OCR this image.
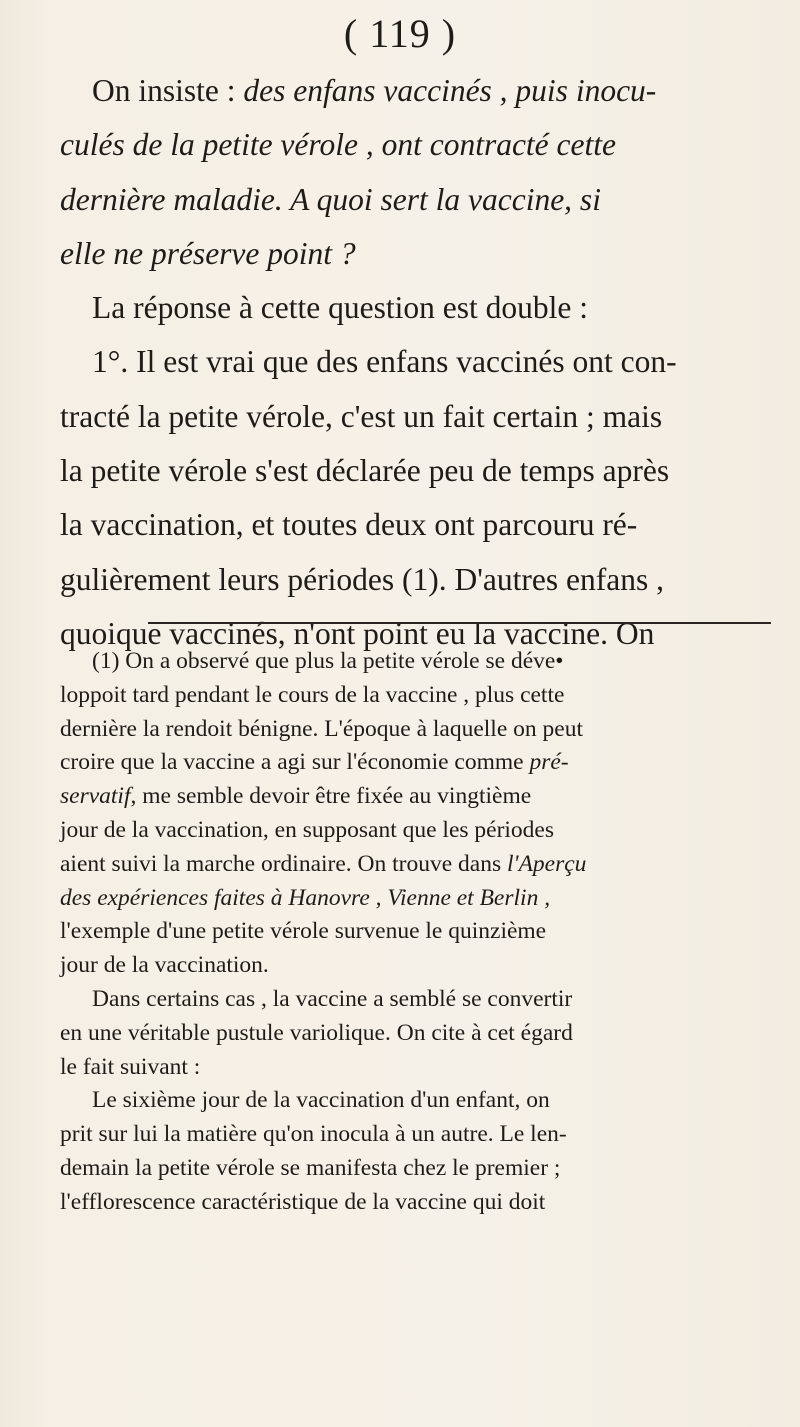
( 119 )
On insiste : des enfans vaccinés , puis inocu-
culés de la petite vérole , ont contracté cette
dernière maladie. A quoi sert la vaccine, si
elle ne préserve point ?
La réponse à cette question est double :
1°. Il est vrai que des enfans vaccinés ont con-
tracté la petite vérole, c'est un fait certain ; mais
la petite vérole s'est déclarée peu de temps après
la vaccination, et toutes deux ont parcouru ré-
gulièrement leurs périodes (1). D'autres enfans ,
quoique vaccinés, n'ont point eu la vaccine. On
(1) On a observé que plus la petite vérole se déve•
loppoit tard pendant le cours de la vaccine , plus cette
dernière la rendoit bénigne. L'époque à laquelle on peut
croire que la vaccine a agi sur l'économie comme pré-
servatif, me semble devoir être fixée au vingtième
jour de la vaccination, en supposant que les périodes
aient suivi la marche ordinaire. On trouve dans l'Aperçu
des expériences faites à Hanovre , Vienne et Berlin ,
l'exemple d'une petite vérole survenue le quinzième
jour de la vaccination.
Dans certains cas , la vaccine a semblé se convertir
en une véritable pustule variolique. On cite à cet égard
le fait suivant :
Le sixième jour de la vaccination d'un enfant, on
prit sur lui la matière qu'on inocula à un autre. Le len-
demain la petite vérole se manifesta chez le premier ;
l'efflorescence caractéristique de la vaccine qui doit
